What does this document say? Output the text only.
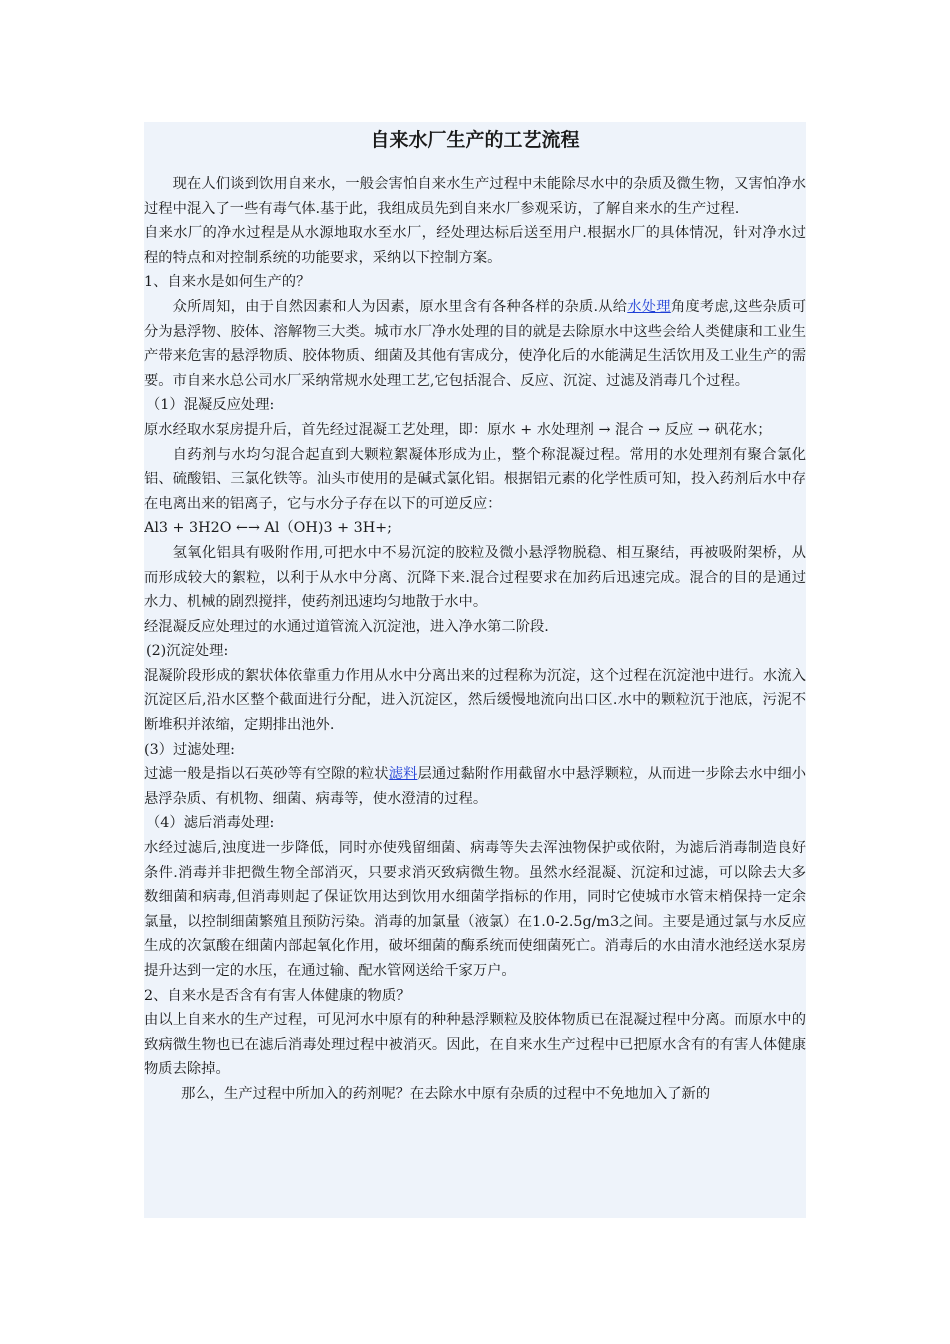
自来水厂生产的工艺流程

现在人们谈到饮用自来水，一般会害怕自来水生产过程中未能除尽水中的杂质及微生物，又害怕净水过程中混入了一些有毒气体.基于此，我组成员先到自来水厂参观采访，了解自来水的生产过程.

自来水厂的净水过程是从水源地取水至水厂，经处理达标后送至用户.根据水厂的具体情况，针对净水过程的特点和对控制系统的功能要求，采纳以下控制方案。

1、自来水是如何生产的？

众所周知，由于自然因素和人为因素，原水里含有各种各样的杂质.从给水处理角度考虑,这些杂质可分为悬浮物、胶体、溶解物三大类。城市水厂净水处理的目的就是去除原水中这些会给人类健康和工业生产带来危害的悬浮物质、胶体物质、细菌及其他有害成分，使净化后的水能满足生活饮用及工业生产的需要。市自来水总公司水厂采纳常规水处理工艺,它包括混合、反应、沉淀、过滤及消毒几个过程。

（1）混凝反应处理:

原水经取水泵房提升后，首先经过混凝工艺处理，即：原水 + 水处理剂 → 混合 → 反应 → 矾花水；

自药剂与水均匀混合起直到大颗粒絮凝体形成为止，整个称混凝过程。常用的水处理剂有聚合氯化铝、硫酸铝、三氯化铁等。汕头市使用的是碱式氯化铝。根据铝元素的化学性质可知，投入药剂后水中存在电离出来的铝离子，它与水分子存在以下的可逆反应：

Al3 + 3H2O ←→ Al（OH)3 + 3H+;

氢氧化铝具有吸附作用,可把水中不易沉淀的胶粒及微小悬浮物脱稳、相互聚结，再被吸附架桥，从而形成较大的絮粒，以利于从水中分离、沉降下来.混合过程要求在加药后迅速完成。混合的目的是通过水力、机械的剧烈搅拌，使药剂迅速均匀地散于水中。

经混凝反应处理过的水通过道管流入沉淀池，进入净水第二阶段.

(2)沉淀处理:

混凝阶段形成的絮状体依靠重力作用从水中分离出来的过程称为沉淀，这个过程在沉淀池中进行。水流入沉淀区后,沿水区整个截面进行分配，进入沉淀区，然后缓慢地流向出口区.水中的颗粒沉于池底，污泥不断堆积并浓缩，定期排出池外.

(3）过滤处理:

过滤一般是指以石英砂等有空隙的粒状滤料层通过黏附作用截留水中悬浮颗粒，从而进一步除去水中细小悬浮杂质、有机物、细菌、病毒等，使水澄清的过程。

（4）滤后消毒处理:

水经过滤后,浊度进一步降低，同时亦使残留细菌、病毒等失去浑浊物保护或依附，为滤后消毒制造良好条件.消毒并非把微生物全部消灭，只要求消灭致病微生物。虽然水经混凝、沉淀和过滤，可以除去大多数细菌和病毒,但消毒则起了保证饮用达到饮用水细菌学指标的作用，同时它使城市水管末梢保持一定余氯量，以控制细菌繁殖且预防污染。消毒的加氯量（液氯）在1.0-2.5g/m3之间。主要是通过氯与水反应生成的次氯酸在细菌内部起氧化作用，破坏细菌的酶系统而使细菌死亡。消毒后的水由清水池经送水泵房提升达到一定的水压，在通过输、配水管网送给千家万户。

2、自来水是否含有有害人体健康的物质？

由以上自来水的生产过程，可见河水中原有的种种悬浮颗粒及胶体物质已在混凝过程中分离。而原水中的致病微生物也已在滤后消毒处理过程中被消灭。因此，在自来水生产过程中已把原水含有的有害人体健康物质去除掉。

那么，生产过程中所加入的药剂呢？在去除水中原有杂质的过程中不免地加入了新的
